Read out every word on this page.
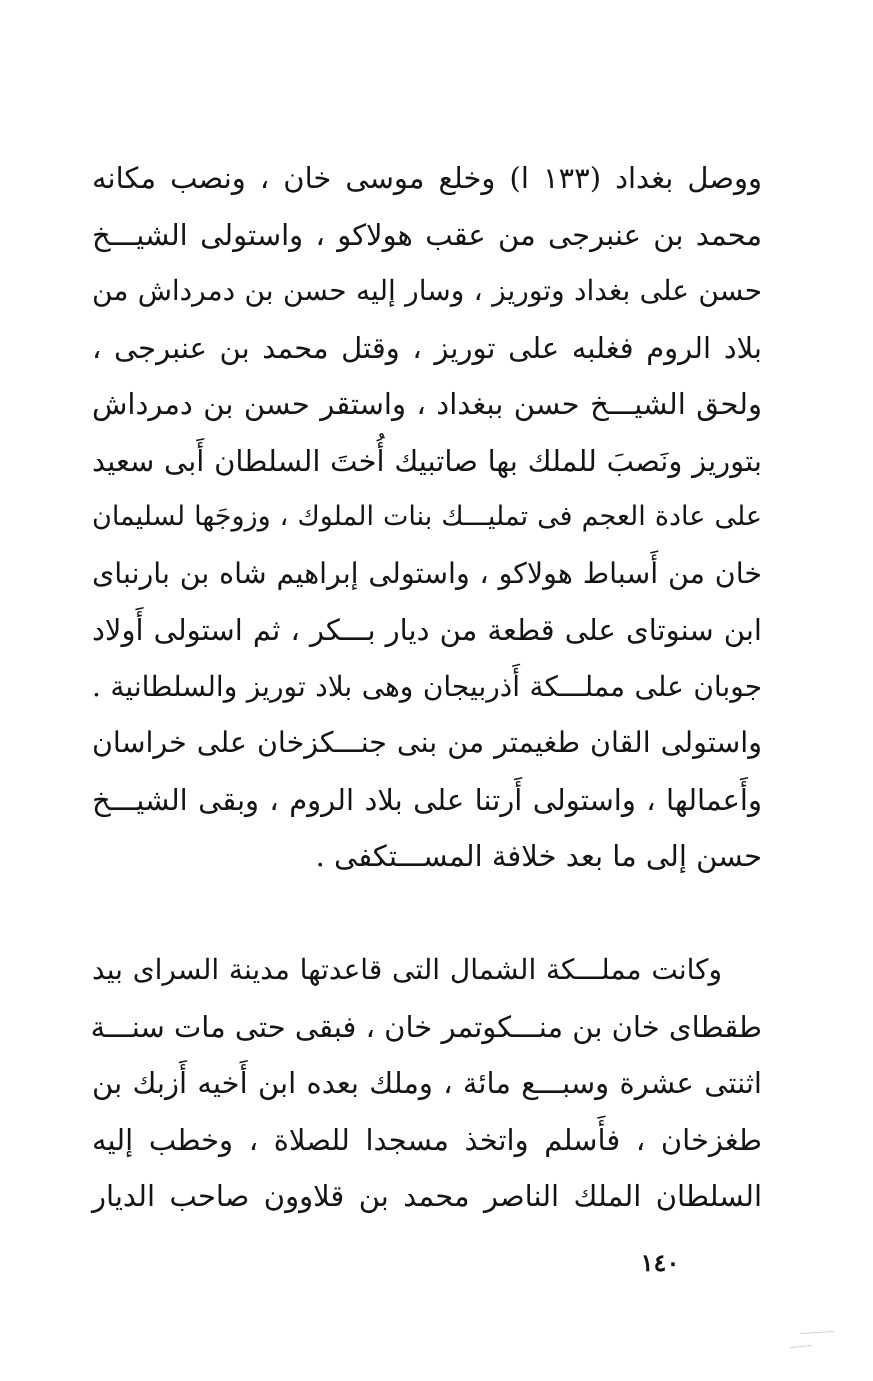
ووصل بغداد (١٣٣ ا) وخلع موسى خان ، ونصب مكانه
محمد بن عنبرجى من عقب هولاكو ، واستولى الشيـــخ
حسن على بغداد وتوريز ، وسار إليه حسن بن دمرداش من
بلاد الروم فغلبه على توريز ، وقتل محمد بن عنبرجى ،
ولحق الشيـــخ حسن ببغداد ، واستقر حسن بن دمرداش
بتوريز ونَصبَ للملك بها صاتبيك أُختَ السلطان أَبى سعيد
على عادة العجم فى تمليـــك بنات الملوك ، وزوجَها لسليمان
خان من أَسباط هولاكو ، واستولى إبراهيم شاه بن بارنباى
ابن سنوتاى على قطعة من ديار بـــكر ، ثم استولى أَولاد
جوبان على مملـــكة أَذربيجان وهى بلاد توريز والسلطانية .
واستولى القان طغيمتر من بنى جنـــكزخان على خراسان
وأَعمالها ، واستولى أَرتنا على بلاد الروم ، وبقى الشيـــخ
حسن إلى ما بعد خلافة المســـتكفى .
وكانت مملـــكة الشمال التى قاعدتها مدينة السراى بيد
طقطاى خان بن منـــكوتمر خان ، فبقى حتى مات سنـــة
اثنتى عشرة وسبـــع مائة ، وملك بعده ابن أَخيه أَزبك بن
طغزخان ، فأَسلم واتخذ مسجدا للصلاة ، وخطب إليه
السلطان الملك الناصر محمد بن قلاوون صاحب الديار
١٤٠
